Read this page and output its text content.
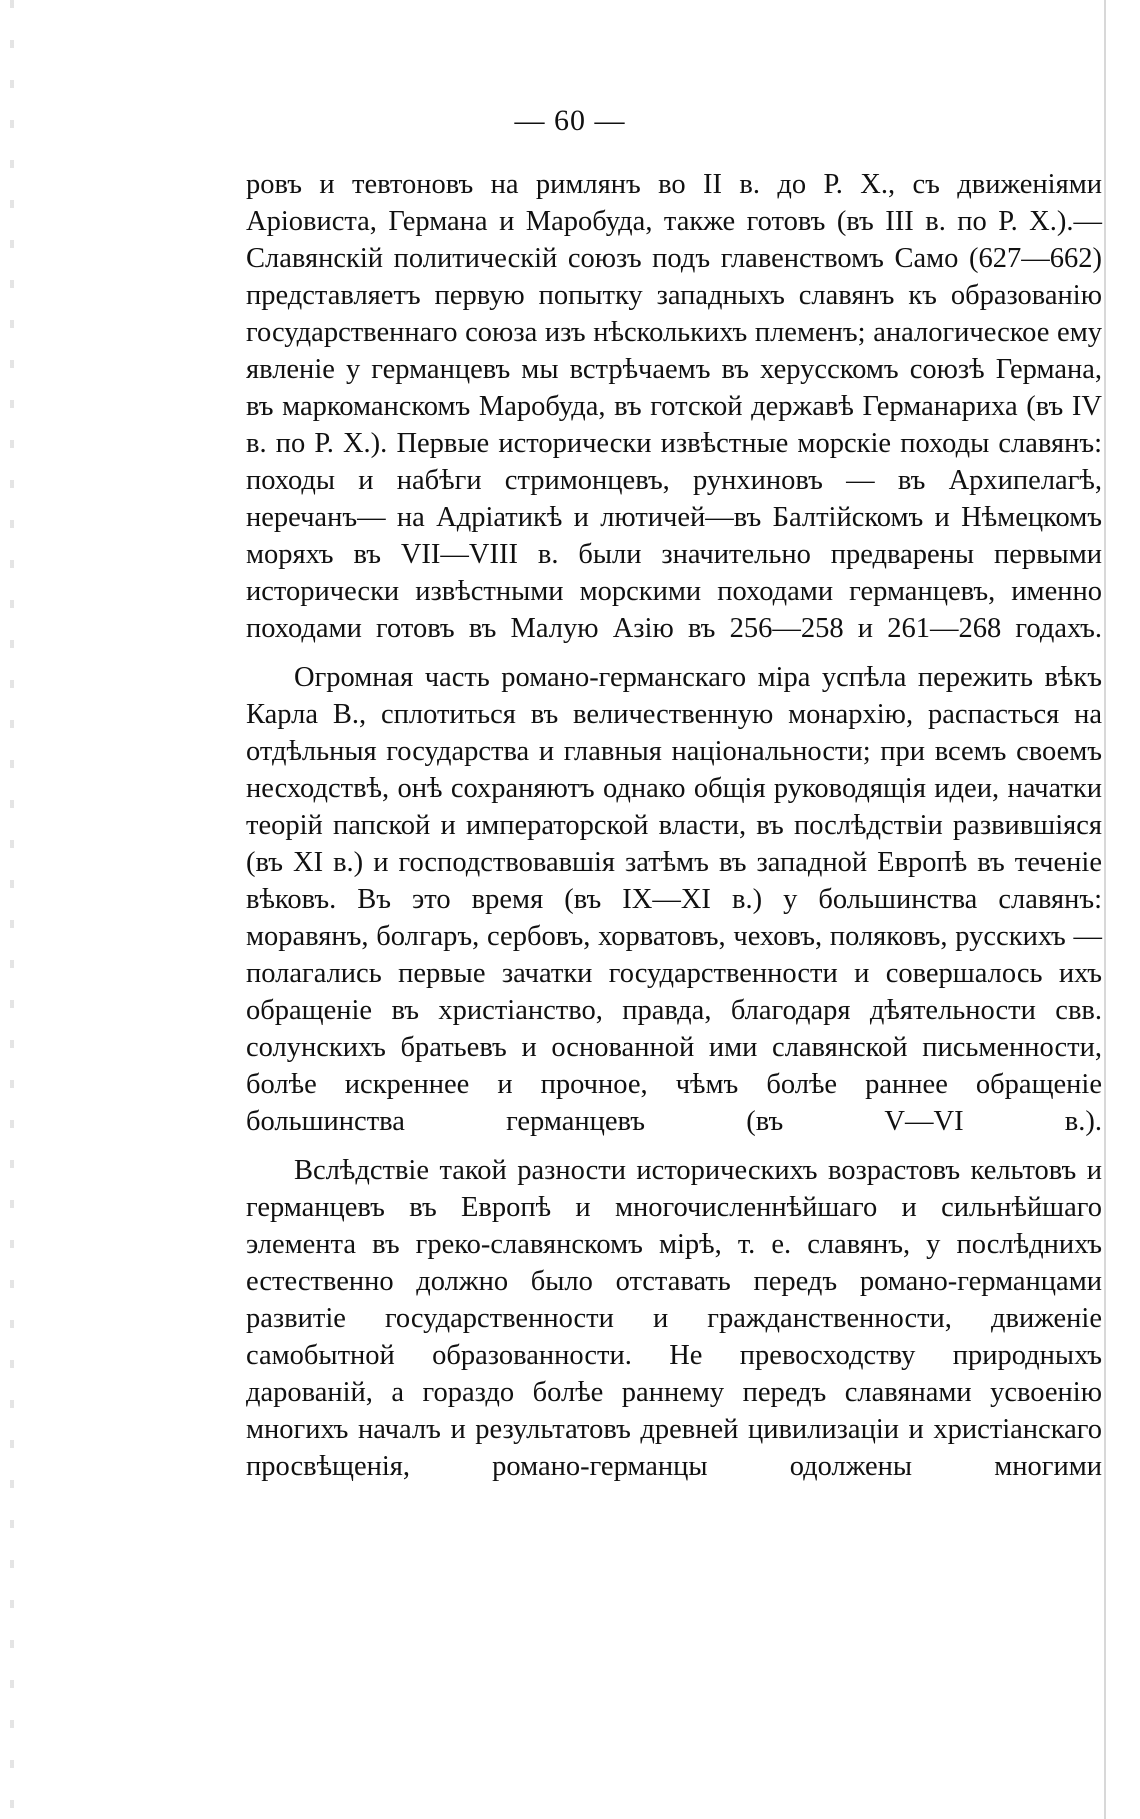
— 60 —

ровъ и тевтоновъ на римлянъ во II в. до Р. Х., съ движеніями Аріовиста, Германа и Маробуда, также готовъ (въ III в. по Р. Х.).—Славянскій политическій союзъ подъ главенствомъ Само (627—662) представляетъ первую попытку западныхъ славянъ къ образованію государственнаго союза изъ нѣсколькихъ племенъ; аналогическое ему явленіе у германцевъ мы встрѣчаемъ въ херусскомъ союзѣ Германа, въ маркоманскомъ Маробуда, въ готской державѣ Германариха (въ IV в. по Р. Х.). Первые исторически извѣстные морскіе походы славянъ: походы и набѣги стримонцевъ, рунхиновъ — въ Архипелагѣ, неречанъ— на Адріатикѣ и лютичей—въ Балтійскомъ и Нѣмецкомъ моряхъ въ VII—VIII в. были значительно предварены первыми исторически извѣстными морскими походами германцевъ, именно походами готовъ въ Малую Азію въ 256—258 и 261—268 годахъ.

Огромная часть романо-германскаго міра успѣла пережить вѣкъ Карла В., сплотиться въ величественную монархію, распасться на отдѣльныя государства и главныя національности; при всемъ своемъ несходствѣ, онѣ сохраняютъ однако общія руководящія идеи, начатки теорій папской и императорской власти, въ послѣдствіи развившіяся (въ XI в.) и господствовавшія затѣмъ въ западной Европѣ въ теченіе вѣковъ. Въ это время (въ IX—XI в.) у большинства славянъ: моравянъ, болгаръ, сербовъ, хорватовъ, чеховъ, поляковъ, русскихъ — полагались первые зачатки государственности и совершалось ихъ обращеніе въ христіанство, правда, благодаря дѣятельности свв. солунскихъ братьевъ и основанной ими славянской письменности, болѣе искреннее и прочное, чѣмъ болѣе раннее обращеніе большинства германцевъ (въ V—VI в.).

Вслѣдствіе такой разности историческихъ возрастовъ кельтовъ и германцевъ въ Европѣ и многочисленнѣйшаго и сильнѣйшаго элемента въ греко-славянскомъ мірѣ, т. е. славянъ, у послѣднихъ естественно должно было отставать передъ романо-германцами развитіе государственности и гражданственности, движеніе самобытной образованности. Не превосходству природныхъ дарованій, а гораздо болѣе раннему передъ славянами усвоенію многихъ началъ и результатовъ древней цивилизаціи и христіанскаго просвѣщенія, романо-германцы одолжены многими
